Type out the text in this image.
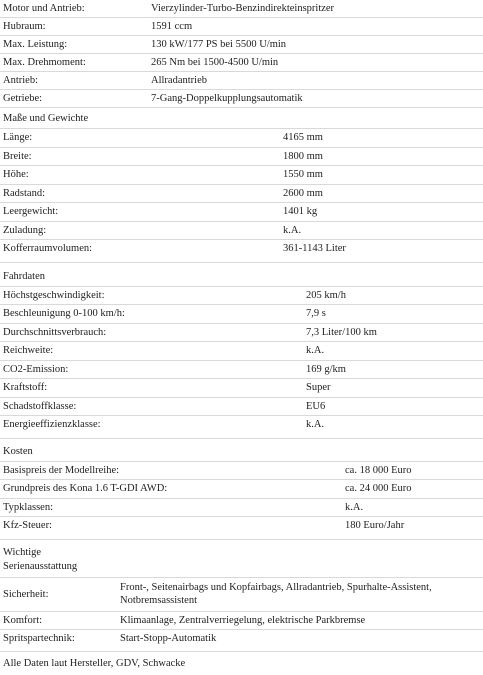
Motor und Antrieb:	Vierzylinder-Turbo-Benzindirekteinspritzer
Hubraum:	1591 ccm
Max. Leistung:	130 kW/177 PS bei 5500 U/min
Max. Drehmoment:	265 Nm bei 1500-4500 U/min
Antrieb:	Allradantrieb
Getriebe:	7-Gang-Doppelkupplungsautomatik
Maße und Gewichte
Länge:	4165 mm
Breite:	1800 mm
Höhe:	1550 mm
Radstand:	2600 mm
Leergewicht:	1401 kg
Zuladung:	k.A.
Kofferraumvolumen:	361-1143 Liter
Fahrdaten
Höchstgeschwindigkeit:	205 km/h
Beschleunigung 0-100 km/h:	7,9 s
Durchschnittsverbrauch:	7,3 Liter/100 km
Reichweite:	k.A.
CO2-Emission:	169 g/km
Kraftstoff:	Super
Schadstoffklasse:	EU6
Energieeffizienzklasse:	k.A.
Kosten
Basispreis der Modellreihe:	ca. 18 000 Euro
Grundpreis des Kona 1.6 T-GDI AWD:	ca. 24 000 Euro
Typklassen:	k.A.
Kfz-Steuer:	180 Euro/Jahr
Wichtige
Serienausstattung
Sicherheit:
Front-, Seitenairbags und Kopfairbags, Allradantrieb, Spurhalte-Assistent, Notbremsassistent
Komfort:	Klimaanlage, Zentralverriegelung, elektrische Parkbremse
Spritspartechnik:	Start-Stopp-Automatik
Alle Daten laut Hersteller, GDV, Schwacke
